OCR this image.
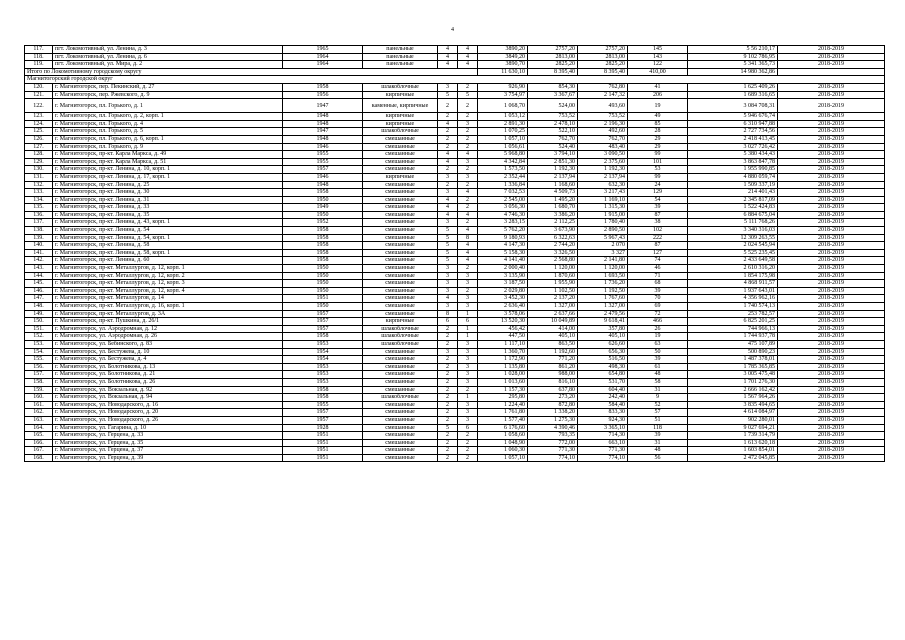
4
117.	пгт. Локомотивный, ул. Ленина, д. 3	1965	панельные	4	4	3890,20	2757,20	2757,20	145	5 56 210,17	2018-2019
118.	пгт. Локомотивный, ул. Ленина, д. 6	1964	панельные	4	4	3849,20	2813,00	2813,00	143	9 102 786,95	2018-2019
119.	пгт. Локомотивный, ул. Мира, д. 2	1964	панельные	4	4	3890,70	2825,20	2825,20	122	5 341 365,73	2018-2019
Итого по Локомотивному городскому округу						11 630,10	8 395,40	8 395,40	410,00	14 980 362,86	
Магнитогорский городской округ											
120.	г. Магнитогорск, пер. Пекинский, д. 27	1958	шлакоблочные	3	2	926,90	854,30	762,80	41	1 625 409,26	2018-2019
121.	г. Магнитогорск, пер. Ржевского, д. 9	1956	кирпичные	5	5	3 754,97	3 367,67	2 147,32	206	1 689 316,65	2018-2019
122.	г. Магнитогорск, пл. Горького, д. 1	1947	каменные, кирпичные	2	2	1 068,70	524,00	493,60	19	3 084 708,31	2018-2019
123.	г. Магнитогорск, пл. Горького, д. 2, корп. 1	1948	кирпичные	2	2	1 053,12	753,52	753,52	49	5 946 676,74	2018-2019
124.	г. Магнитогорск, пл. Горького, д. 4	1948	кирпичные	4	3	2 891,30	2 478,10	2 196,30	85	6 310 947,88	2018-2019
125.	г. Магнитогорск, пл. Горького, д. 5	1947	шлакоблочные	2	2	1 070,25	522,10	492,60	28	2 727 734,56	2018-2019
126.	г. Магнитогорск, пл. Горького, д. 6, корп. 1	1948	смешанные	2	2	1 057,10	762,70	762,70	29	2 418 413,45	2018-2019
127.	г. Магнитогорск, пл. Горького, д. 9	1946	смешанные	2	2	1 056,61	524,40	483,40	29	3 027 726,42	2018-2019
128.	г. Магнитогорск, пр-кт. Карла Маркса, д. 49	1955	смешанные	4	4	5 968,80	3 794,10	3 090,50	99	5 380 434,43	2018-2019
129.	г. Магнитогорск, пр-кт. Карла Маркса, д. 51	1955	смешанные	4	3	4 342,84	2 851,30	2 375,60	101	3 863 847,78	2018-2019
130.	г. Магнитогорск, пр-кт. Ленина, д. 10, корп. 1	1957	смешанные	2	2	1 573,50	1 192,30	1 192,30	53	1 955 990,85	2018-2019
131.	г. Магнитогорск, пр-кт. Ленина, д. 17, корп. 1	1946	кирпичные	3	3	2 352,44	2 137,94	2 137,94	99	4 880 059,74	2018-2019
132.	г. Магнитогорск, пр-кт. Ленина, д. 25	1948	смешанные	2	2	1 336,84	1 168,60	632,30	24	1 509 337,19	2018-2019
133.	г. Магнитогорск, пр-кт. Ленина, д. 30	1958	смешанные	3	4	7 032,53	4 509,73	3 217,43	129	214 401,43	2018-2019
134.	г. Магнитогорск, пр-кт. Ленина, д. 31	1950	смешанные	4	2	2 545,00	1 495,20	1 169,10	54	2 345 817,09	2018-2019
135.	г. Магнитогорск, пр-кт. Ленина, д. 33	1949	смешанные	4	2	3 056,30	1 680,70	1 315,30	39	1 522 424,83	2018-2019
136.	г. Магнитогорск, пр-кт. Ленина, д. 35	1950	смешанные	4	4	4 746,30	3 386,20	1 915,00	87	6 884 675,04	2018-2019
137.	г. Магнитогорск, пр-кт. Ленина, д. 43, корп. 1	1952	смешанные	3	2	3 283,15	2 112,25	1 780,40	38	5 111 768,26	2018-2019
138.	г. Магнитогорск, пр-кт. Ленина, д. 54	1958	смешанные	5	4	5 762,20	3 673,90	2 890,50	102	3 340 316,03	2018-2019
139.	г. Магнитогорск, пр-кт. Ленина, д. 54, корп. 1	1958	смешанные	5	8	9 180,93	6 322,63	5 967,43	222	12 309 263,55	2018-2019
140.	г. Магнитогорск, пр-кт. Ленина, д. 58	1958	смешанные	5	4	4 147,30	2 744,20	2 070	87	2 024 545,94	2018-2019
141.	г. Магнитогорск, пр-кт. Ленина, д. 58, корп. 1	1958	смешанные	5	4	5 158,30	3 326,50	3 327	127	5 525 235,45	2018-2019
142.	г. Магнитогорск, пр-кт. Ленина, д. 60	1958	смешанные	5	4	4 141,40	2 568,80	2 141,80	74	2 433 649,58	2018-2019
143.	г. Магнитогорск, пр-кт. Металлургов, д. 12, корп. 1	1950	смешанные	3	2	2 000,40	1 120,00	1 120,00	46	2 610 316,20	2018-2019
144.	г. Магнитогорск, пр-кт. Металлургов, д. 12, корп. 2	1950	смешанные	3	3	3 135,90	1 870,60	1 693,50	71	1 854 175,98	2018-2019
145.	г. Магнитогорск, пр-кт. Металлургов, д. 12, корп. 3	1950	смешанные	3	3	3 187,50	1 955,90	1 736,20	68	4 868 911,57	2018-2019
146.	г. Магнитогорск, пр-кт. Металлургов, д. 12, корп. 4	1950	смешанные	3	2	2 029,80	1 102,50	1 192,50	39	1 937 643,01	2018-2019
147.	г. Магнитогорск, пр-кт. Металлургов, д. 14	1951	смешанные	4	3	3 452,30	2 137,20	1 767,60	70	4 356 962,16	2018-2019
148.	г. Магнитогорск, пр-кт. Металлургов, д. 16, корп. 1	1950	смешанные	3	3	2 636,40	1 327,00	1 327,00	69	1 740 574,13	2018-2019
149.	г. Магнитогорск, пр-кт. Металлургов, д. 3А	1957	смешанные	8	1	3 578,06	2 637,66	2 479,56	72	253 782,57	2018-2019
150.	г. Магнитогорск, пр-кт. Пушкина, д. 26/1	1957	кирпичные	6	6	13 520,30	10 049,89	9 618,41	466	6 825 201,25	2018-2019
151.	г. Магнитогорск, ул. Аэродромная, д. 12	1957	шлакоблочные	2	1	456,42	414,00	357,80	26	744 966,13	2018-2019
152.	г. Магнитогорск, ул. Аэродромная, д. 26	1958	шлакоблочные	2	1	447,50	405,10	405,10	19	1 744 937,78	2018-2019
153.	г. Магнитогорск, ул. Бебинского, д. 83	1953	шлакоблочные	2	3	1 117,10	863,50	626,60	63	475 107,89	2018-2019
154.	г. Магнитогорск, ул. Бестужева, д. 10	1954	смешанные	3	3	1 360,70	1 192,60	656,30	50	500 890,23	2018-2019
155.	г. Магнитогорск, ул. Бестужева, д. 4	1954	смешанные	2	3	1 172,90	771,20	516,50	39	1 487 378,01	2018-2019
156.	г. Магнитогорск, ул. Болотникова, д. 13	1953	смешанные	2	3	1 135,80	861,20	498,30	61	1 785 365,85	2018-2019
157.	г. Магнитогорск, ул. Болотникова, д. 21	1953	смешанные	2	3	1 028,00	988,00	654,80	48	3 005 475,48	2018-2019
158.	г. Магнитогорск, ул. Болотникова, д. 26	1953	смешанные	2	3	1 013,60	816,10	531,70	58	1 701 276,30	2018-2019
159.	г. Магнитогорск, ул. Вокзальная, д. 92	1958	смешанные	2	2	1 157,30	637,80	604,40	31	2 666 162,42	2018-2019
160.	г. Магнитогорск, ул. Вокзальная, д. 94	1958	шлакоблочные	2	1	295,80	273,20	242,40	9	1 567 964,26	2018-2019
161.	г. Магнитогорск, ул. Новодарского, д. 16	1955	смешанные	2	3	1 224,40	872,80	584,40	52	3 835 494,65	2018-2019
162.	г. Магнитогорск, ул. Новодарского, д. 20	1957	смешанные	2	3	1 761,80	1 338,20	833,30	57	4 614 084,97	2018-2019
163.	г. Магнитогорск, ул. Новодарского, д. 26	1957	смешанные	2	3	1 577,40	1 275,30	924,30	51	902 280,01	2018-2019
164.	г. Магнитогорск, ул. Гагарина, д. 10	1928	смешанные	5	6	6 176,60	4 390,46	3 365,10	118	9 027 694,21	2018-2019
165.	г. Магнитогорск, ул. Герцена, д. 33	1951	смешанные	2	2	1 058,60	793,35	714,30	39	1 739 314,79	2018-2019
166.	г. Магнитогорск, ул. Герцена, д. 35	1951	смешанные	2	2	1 048,90	772,00	663,10	31	1 613 620,18	2018-2019
167.	г. Магнитогорск, ул. Герцена, д. 37	1951	смешанные	2	2	1 060,30	771,30	771,30	48	1 603 854,01	2018-2019
168.	г. Магнитогорск, ул. Герцена, д. 39	1951	смешанные	2	2	1 057,10	774,10	774,10	56	2 472 045,85	2018-2019
